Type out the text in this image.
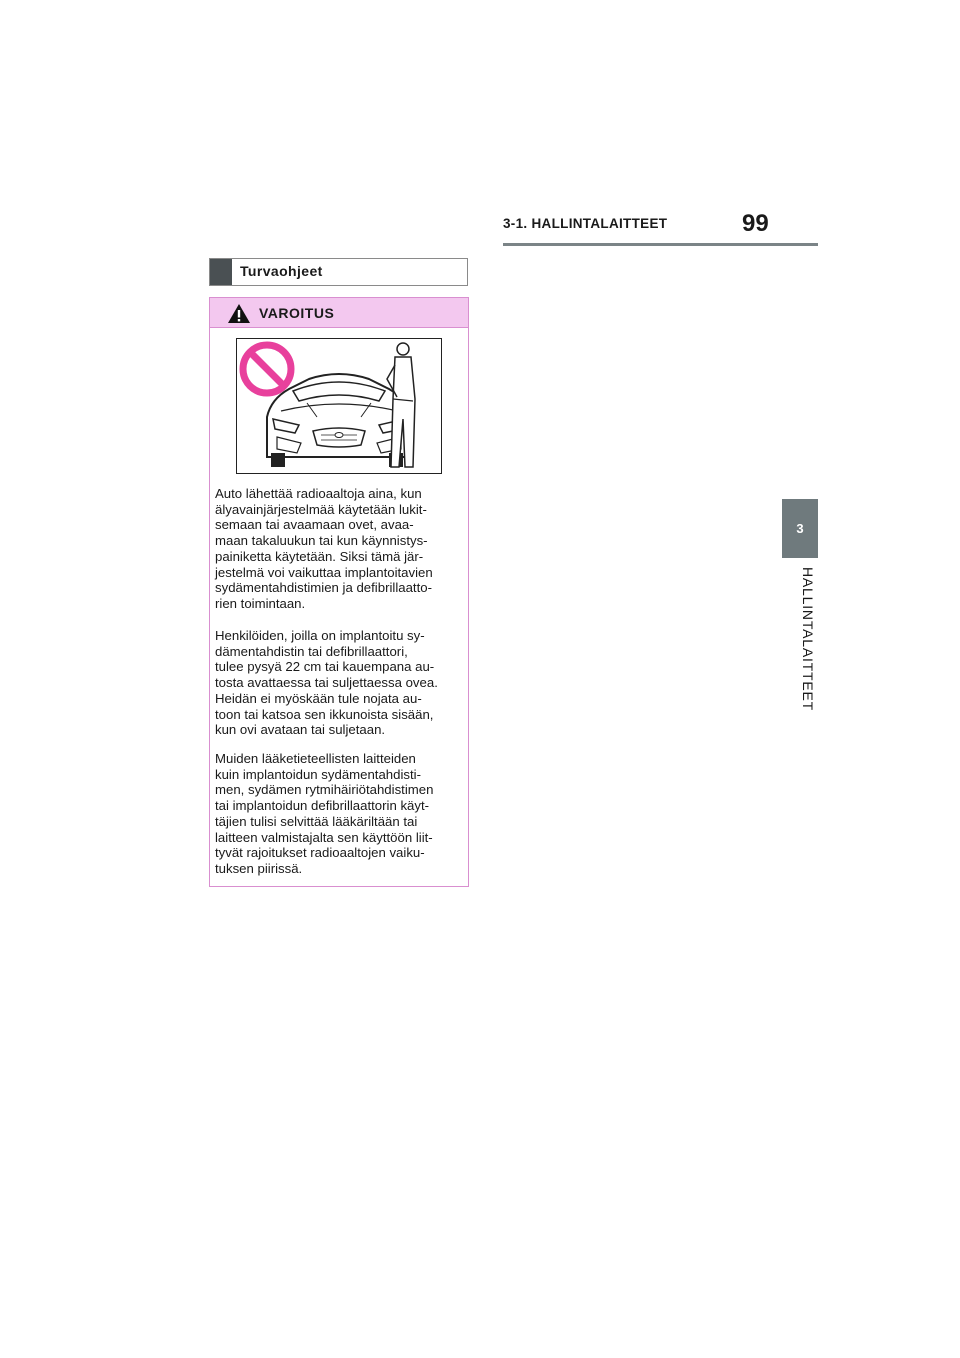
3-1. HALLINTALAITTEET	99
3
HALLINTALAITTEET
Turvaohjeet
VAROITUS

Auto lähettää radioaaltoja aina, kun
älyavainjärjestelmää käytetään lukit-
semaan tai avaamaan ovet, avaa-
maan takaluukun tai kun käynnistys-
painiketta käytetään. Siksi tämä jär-
jestelmä voi vaikuttaa implantoitavien
sydämentahdistimien ja defibrillaatto-
rien toimintaan.

Henkilöiden, joilla on implantoitu sy-
dämentahdistin tai defibrillaattori,
tulee pysyä 22 cm tai kauempana au-
tosta avattaessa tai suljettaessa ovea.
Heidän ei myöskään tule nojata au-
toon tai katsoa sen ikkunoista sisään,
kun ovi avataan tai suljetaan.

Muiden lääketieteellisten laitteiden
kuin implantoidun sydämentahdisti-
men, sydämen rytmihäiriötahdistimen
tai implantoidun defibrillaattorin käyt-
täjien tulisi selvittää lääkäriltään tai
laitteen valmistajalta sen käyttöön liit-
tyvät rajoitukset radioaaltojen vaiku-
tuksen piirissä.
